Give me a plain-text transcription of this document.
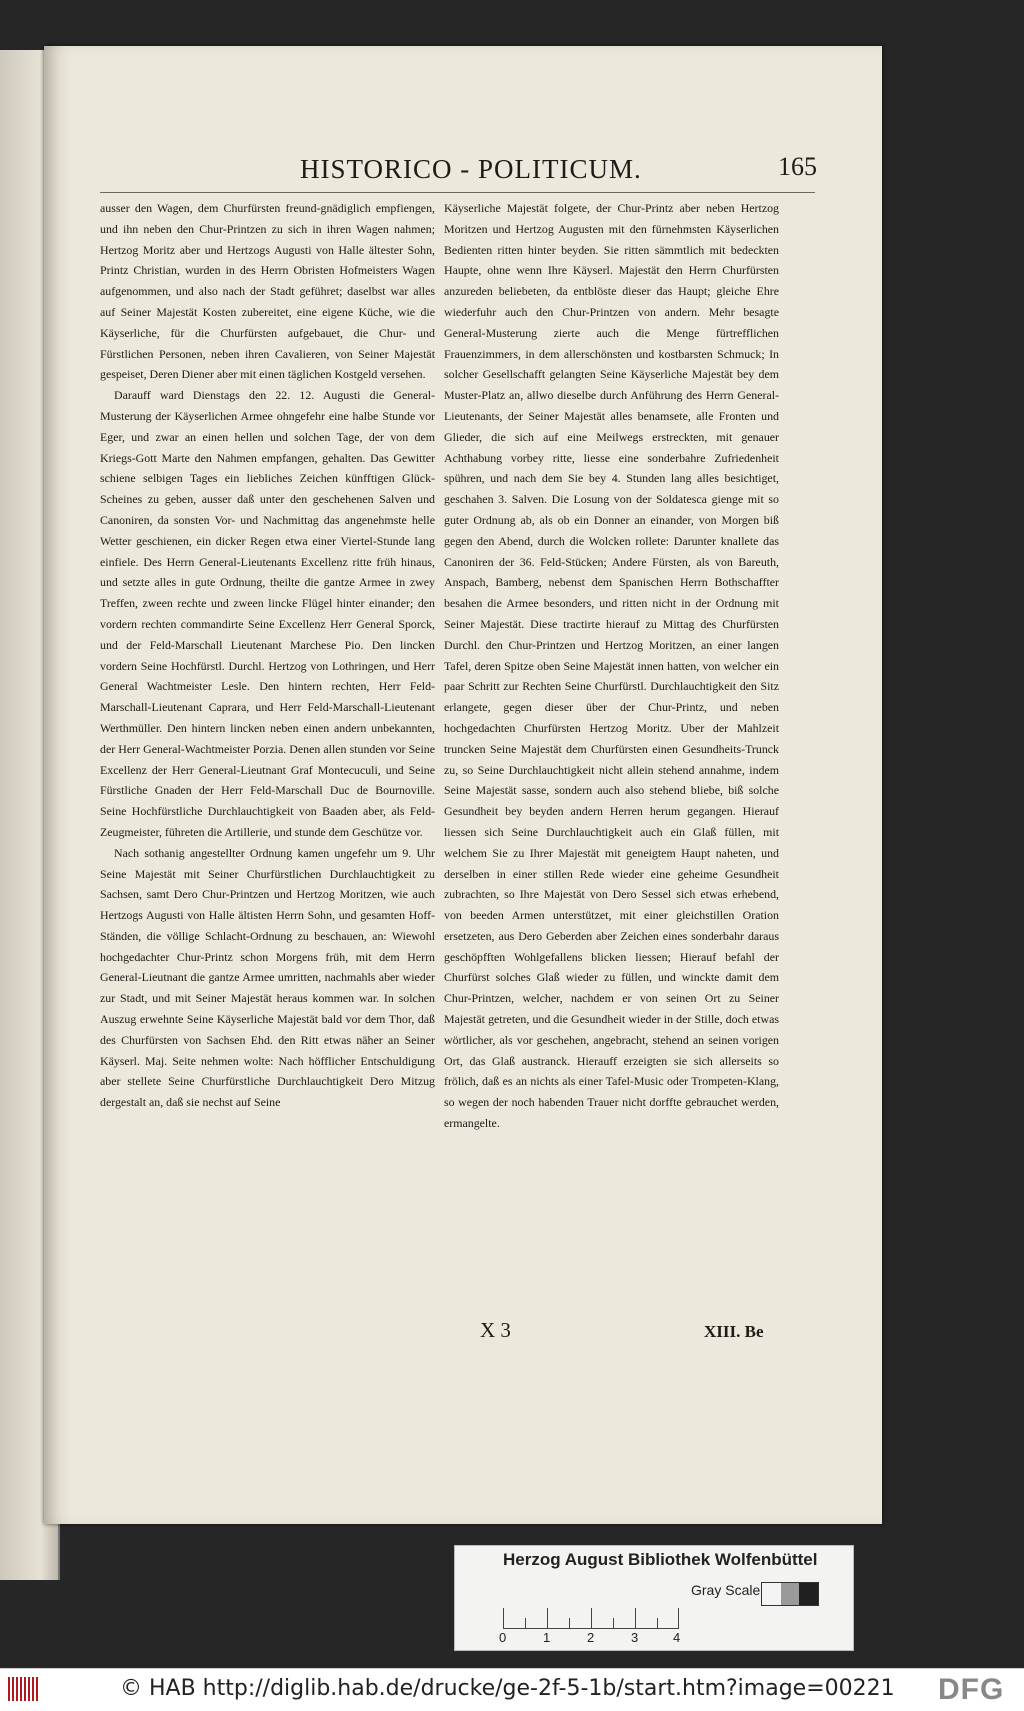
HISTORICO - POLITICUM.	165

ausser den Wagen, dem Churfürsten freund-gnädiglich empfiengen, und ihn neben den Chur-Printzen zu sich in ihren Wagen nahmen; Hertzog Moritz aber und Hertzogs Augusti von Halle ältester Sohn, Printz Christian, wurden in des Herrn Obristen Hofmeisters Wagen aufgenommen, und also nach der Stadt geführet; daselbst war alles auf Seiner Majestät Kosten zubereitet, eine eigene Küche, wie die Käyserliche, für die Churfürsten aufgebauet, die Chur- und Fürstlichen Personen, neben ihren Cavalieren, von Seiner Majestät gespeiset, Deren Diener aber mit einen täglichen Kostgeld versehen.

Darauff ward Dienstags den 22. 12. Augusti die General-Musterung der Käyserlichen Armee ohngefehr eine halbe Stunde vor Eger, und zwar an einen hellen und solchen Tage, der von dem Kriegs-Gott Marte den Nahmen empfangen, gehalten. Das Gewitter schiene selbigen Tages ein liebliches Zeichen künfftigen Glück-Scheines zu geben, ausser daß unter den geschehenen Salven und Canoniren, da sonsten Vor- und Nachmittag das angenehmste helle Wetter geschienen, ein dicker Regen etwa einer Viertel-Stunde lang einfiele. Des Herrn General-Lieutenants Excellenz ritte früh hinaus, und setzte alles in gute Ordnung, theilte die gantze Armee in zwey Treffen, zween rechte und zween lincke Flügel hinter einander; den vordern rechten commandirte Seine Excellenz Herr General Sporck, und der Feld-Marschall Lieutenant Marchese Pio. Den lincken vordern Seine Hochfürstl. Durchl. Hertzog von Lothringen, und Herr General Wachtmeister Lesle. Den hintern rechten, Herr Feld-Marschall-Lieutenant Caprara, und Herr Feld-Marschall-Lieutenant Werthmüller. Den hintern lincken neben einen andern unbekannten, der Herr General-Wachtmeister Porzia. Denen allen stunden vor Seine Excellenz der Herr General-Lieutnant Graf Montecuculi, und Seine Fürstliche Gnaden der Herr Feld-Marschall Duc de Bournoville. Seine Hochfürstliche Durchlauchtigkeit von Baaden aber, als Feld-Zeugmeister, führeten die Artillerie, und stunde dem Geschütze vor.

Nach sothanig angestellter Ordnung kamen ungefehr um 9. Uhr Seine Majestät mit Seiner Churfürstlichen Durchlauchtigkeit zu Sachsen, samt Dero Chur-Printzen und Hertzog Moritzen, wie auch Hertzogs Augusti von Halle ältisten Herrn Sohn, und gesamten Hoff-Ständen, die völlige Schlacht-Ordnung zu beschauen, an: Wiewohl hochgedachter Chur-Printz schon Morgens früh, mit dem Herrn General-Lieutnant die gantze Armee umritten, nachmahls aber wieder zur Stadt, und mit Seiner Majestät heraus kommen war. In solchen Auszug erwehnte Seine Käyserliche Majestät bald vor dem Thor, daß des Churfürsten von Sachsen Ehd. den Ritt etwas näher an Seiner Käyserl. Maj. Seite nehmen wolte: Nach höfflicher Entschuldigung aber stellete Seine Churfürstliche Durchlauchtigkeit Dero Mitzug dergestalt an, daß sie nechst auf Seine

Käyserliche Majestät folgete, der Chur-Printz aber neben Hertzog Moritzen und Hertzog Augusten mit den fürnehmsten Käyserlichen Bedienten ritten hinter beyden. Sie ritten sämmtlich mit bedeckten Haupte, ohne wenn Ihre Käyserl. Majestät den Herrn Churfürsten anzureden beliebeten, da entblöste dieser das Haupt; gleiche Ehre wiederfuhr auch den Chur-Printzen von andern. Mehr besagte General-Musterung zierte auch die Menge fürtrefflichen Frauenzimmers, in dem allerschönsten und kostbarsten Schmuck; In solcher Gesellschafft gelangten Seine Käyserliche Majestät bey dem Muster-Platz an, allwo dieselbe durch Anführung des Herrn General-Lieutenants, der Seiner Majestät alles benamsete, alle Fronten und Glieder, die sich auf eine Meilwegs erstreckten, mit genauer Achthabung vorbey ritte, liesse eine sonderbahre Zufriedenheit spühren, und nach dem Sie bey 4. Stunden lang alles besichtiget, geschahen 3. Salven. Die Losung von der Soldatesca gienge mit so guter Ordnung ab, als ob ein Donner an einander, von Morgen biß gegen den Abend, durch die Wolcken rollete: Darunter knallete das Canoniren der 36. Feld-Stücken; Andere Fürsten, als von Bareuth, Anspach, Bamberg, nebenst dem Spanischen Herrn Bothschaffter besahen die Armee besonders, und ritten nicht in der Ordnung mit Seiner Majestät. Diese tractirte hierauf zu Mittag des Churfürsten Durchl. den Chur-Printzen und Hertzog Moritzen, an einer langen Tafel, deren Spitze oben Seine Majestät innen hatten, von welcher ein paar Schritt zur Rechten Seine Churfürstl. Durchlauchtigkeit den Sitz erlangete, gegen dieser über der Chur-Printz, und neben hochgedachten Churfürsten Hertzog Moritz. Uber der Mahlzeit truncken Seine Majestät dem Churfürsten einen Gesundheits-Trunck zu, so Seine Durchlauchtigkeit nicht allein stehend annahme, indem Seine Majestät sasse, sondern auch also stehend bliebe, biß solche Gesundheit bey beyden andern Herren herum gegangen. Hierauf liessen sich Seine Durchlauchtigkeit auch ein Glaß füllen, mit welchem Sie zu Ihrer Majestät mit geneigtem Haupt naheten, und derselben in einer stillen Rede wieder eine geheime Gesundheit zubrachten, so Ihre Majestät von Dero Sessel sich etwas erhebend, von beeden Armen unterstützet, mit einer gleichstillen Oration ersetzeten, aus Dero Geberden aber Zeichen eines sonderbahr daraus geschöpfften Wohlgefallens blicken liessen; Hierauf befahl der Churfürst solches Glaß wieder zu füllen, und winckte damit dem Chur-Printzen, welcher, nachdem er von seinen Ort zu Seiner Majestät getreten, und die Gesundheit wieder in der Stille, doch etwas wörtlicher, als vor geschehen, angebracht, stehend an seinen vorigen Ort, das Glaß austranck. Hierauff erzeigten sie sich allerseits so frölich, daß es an nichts als einer Tafel-Music oder Trompeten-Klang, so wegen der noch habenden Trauer nicht dorffte gebrauchet werden, ermangelte.

X 3	XIII. Be
Herzog August Bibliothek Wolfenbüttel
0	1	2	3	4
Gray Scale
© HAB http://diglib.hab.de/drucke/ge-2f-5-1b/start.htm?image=00221 DFG
